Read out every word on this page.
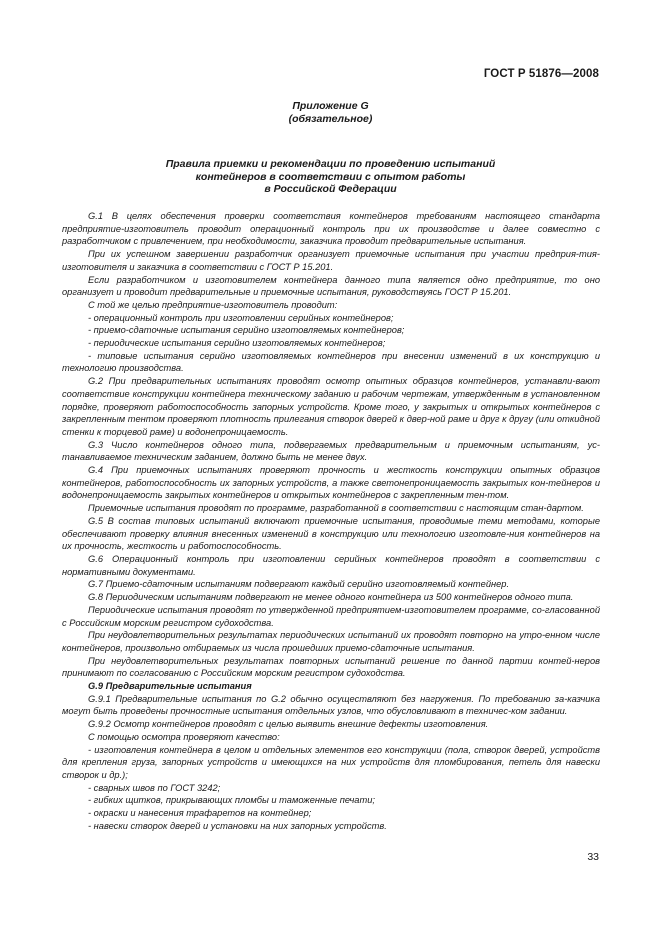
ГОСТ Р 51876—2008
Приложение G
(обязательное)
Правила приемки и рекомендации по проведению испытаний
контейнеров в соответствии с опытом работы
в Российской Федерации

G.1 В целях обеспечения проверки соответствия контейнеров требованиям настоящего стандарта предприятие-изготовитель проводит операционный контроль при их производстве и далее совместно с разработчиком с привлечением, при необходимости, заказчика проводит предварительные испытания.

При их успешном завершении разработчик организует приемочные испытания при участии предприя-тия-изготовителя и заказчика в соответствии с ГОСТ Р 15.201.

Если разработчиком и изготовителем контейнера данного типа является одно предприятие, то оно организует и проводит предварительные и приемочные испытания, руководствуясь ГОСТ Р 15.201.

С той же целью предприятие-изготовитель проводит:

- операционный контроль при изготовлении серийных контейнеров;

- приемо-сдаточные испытания серийно изготовляемых контейнеров;

- периодические испытания серийно изготовляемых контейнеров;

- типовые испытания серийно изготовляемых контейнеров при внесении изменений в их конструкцию и технологию производства.

G.2 При предварительных испытаниях проводят осмотр опытных образцов контейнеров, устанавли-вают соответствие конструкции контейнера техническому заданию и рабочим чертежам, утвержденным в установленном порядке, проверяют работоспособность запорных устройств. Кроме того, у закрытых и открытых контейнеров с закрепленным тентом проверяют плотность прилегания створок дверей к двер-ной раме и друг к другу (или откидной стенки к торцевой раме) и водонепроницаемость.

G.3 Число контейнеров одного типа, подвергаемых предварительным и приемочным испытаниям, ус-танавливаемое техническим заданием, должно быть не менее двух.

G.4 При приемочных испытаниях проверяют прочность и жесткость конструкции опытных образцов контейнеров, работоспособность их запорных устройств, а также светонепроницаемость закрытых кон-тейнеров и водонепроницаемость закрытых контейнеров и открытых контейнеров с закрепленным тен-том.

Приемочные испытания проводят по программе, разработанной в соответствии с настоящим стан-дартом.

G.5 В состав типовых испытаний включают приемочные испытания, проводимые теми методами, которые обеспечивают проверку влияния внесенных изменений в конструкцию или технологию изготовле-ния контейнеров на их прочность, жесткость и работоспособность.

G.6 Операционный контроль при изготовлении серийных контейнеров проводят в соответствии с нормативными документами.

G.7 Приемо-сдаточным испытаниям подвергают каждый серийно изготовляемый контейнер.

G.8 Периодическим испытаниям подвергают не менее одного контейнера из 500 контейнеров одного типа.

Периодические испытания проводят по утвержденной предприятием-изготовителем программе, со-гласованной с Российским морским регистром судоходства.

При неудовлетворительных результатах периодических испытаний их проводят повторно на утро-енном числе контейнеров, произвольно отбираемых из числа прошедших приемо-сдаточные испытания.

При неудовлетворительных результатах повторных испытаний решение по данной партии контей-неров принимают по согласованию с Российским морским регистром судоходства.

G.9 Предварительные испытания

G.9.1 Предварительные испытания по G.2 обычно осуществляют без нагружения. По требованию за-казчика могут быть проведены прочностные испытания отдельных узлов, что обусловливают в техничес-ком задании.

G.9.2 Осмотр контейнеров проводят с целью выявить внешние дефекты изготовления.

С помощью осмотра проверяют качество:

- изготовления контейнера в целом и отдельных элементов его конструкции (пола, створок дверей, устройств для крепления груза, запорных устройств и имеющихся на них устройств для пломбирования, петель для навески створок и др.);

- сварных швов по ГОСТ 3242;

- гибких щитков, прикрывающих пломбы и таможенные печати;

- окраски и нанесения трафаретов на контейнер;

- навески створок дверей и установки на них запорных устройств.

33
